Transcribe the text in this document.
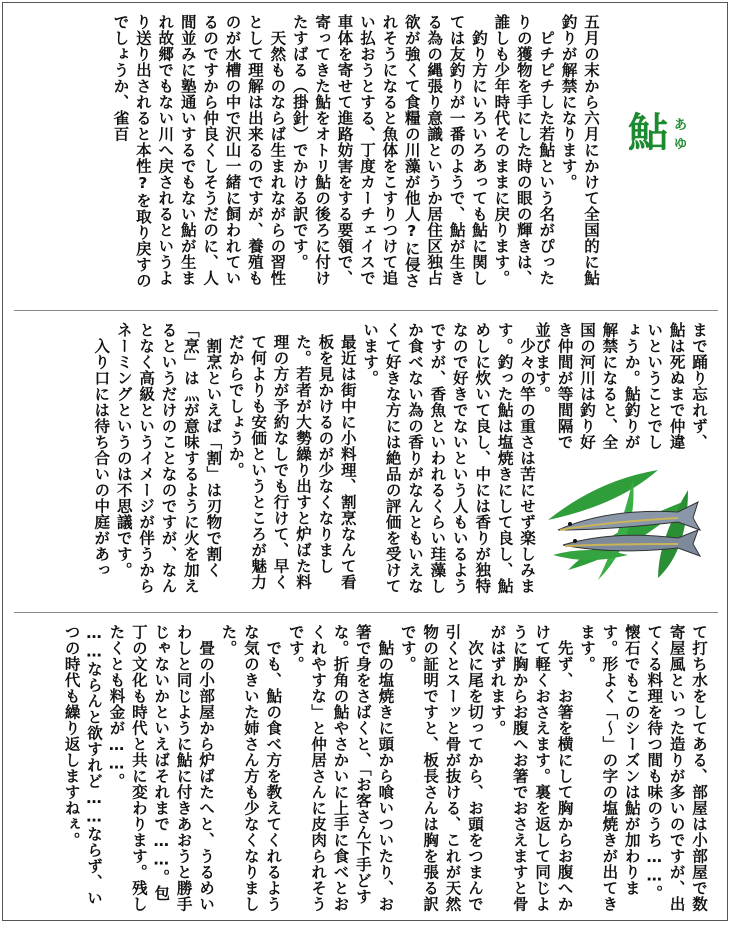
五月の末から六月にかけて全国的に鮎釣りが解禁になります。

ピチピチした若鮎という名がぴったりの獲物を手にした時の眼の輝きは、誰しも少年時代そのままに戻ります。

釣り方にいろいろあっても鮎に関しては友釣りが一番のようで、鮎が生きる為の縄張り意識というか居住区独占欲が強くて食糧の川藻が他人?に侵されそうになると魚体をこすりつけて追い払おうとする、丁度カーチェイスで車体を寄せて進路妨害をする要領で、寄ってきた鮎をオトリ鮎の後ろに付けたすばる（掛針）でかける訳です。

天然ものならば生まれながらの習性として理解は出来るのですが、養殖ものが水槽の中で沢山一緒に飼われているのですから仲良くしそうだのに、人間並みに塾通いするでもない鮎が生まれ故郷でもない川へ戻されるというより送り出されると本性?を取り戻すのでしょうか、雀百	鮎 あゆ

まで踊り忘れず、鮎は死ぬまで仲違いということでしょうか。鮎釣りが解禁になると、全国の河川は釣り好き仲間が等間隔で並びます。

少々の竿の重さは苦にせず楽しみます。釣った鮎は塩焼きにして良し、鮎めしに炊いて良し、中には香りが独特なので好きでないという人もいるようですが、香魚といわれるくらい珪藻しか食べない為の香りがなんともいえなくて好きな方には絶品の評価を受けています。

最近は街中に小料理、割烹なんて看板を見かけるのが少なくなりました。若者が大勢繰り出すと炉ばた料理の方が予約なしでも行けて、早くて何よりも安価というところが魅力だからでしょうか。

割烹といえば「割」は刃物で割く「烹」は灬が意味するように火を加えるというだけのことなのですが、なんとなく高級というイメージが伴うからネーミングというのは不思議です。

入り口には待ち合いの中庭があっ

て打ち水をしてある、部屋は小部屋で数寄屋風といった造りが多いのですが、出てくる料理を待つ間も味のうち……。懐石でもこのシーズンは鮎が加わります。形よく「〜」の字の塩焼きが出てきます。

先ず、お箸を横にして胸からお腹へかけて軽くおさえます。裏を返して同じように胸からお腹へお箸でおさえますと骨がはずれます。

次に尾を切ってから、お頭をつまんで引くとスーッと骨が抜ける、これが天然物の証明ですと、板長さんは胸を張る訳です。

鮎の塩焼きに頭から喰いついたり、お箸で身をさばくと、「お客さん下手どすな。折角の鮎やさかいに上手に食べとおくれやすな」と仲居さんに皮肉られそうです。

でも、鮎の食べ方を教えてくれるような気のきいた姉さん方も少なくなりました。

畳の小部屋から炉ばたへと、うるめいわしと同じように鮎に付きあおうと勝手じゃないかといえばそれまで……。包丁の文化も時代と共に変わります。残したくとも料金が……。

……ならんと欲すれど……ならず、いつの時代も繰り返しますねぇ。
